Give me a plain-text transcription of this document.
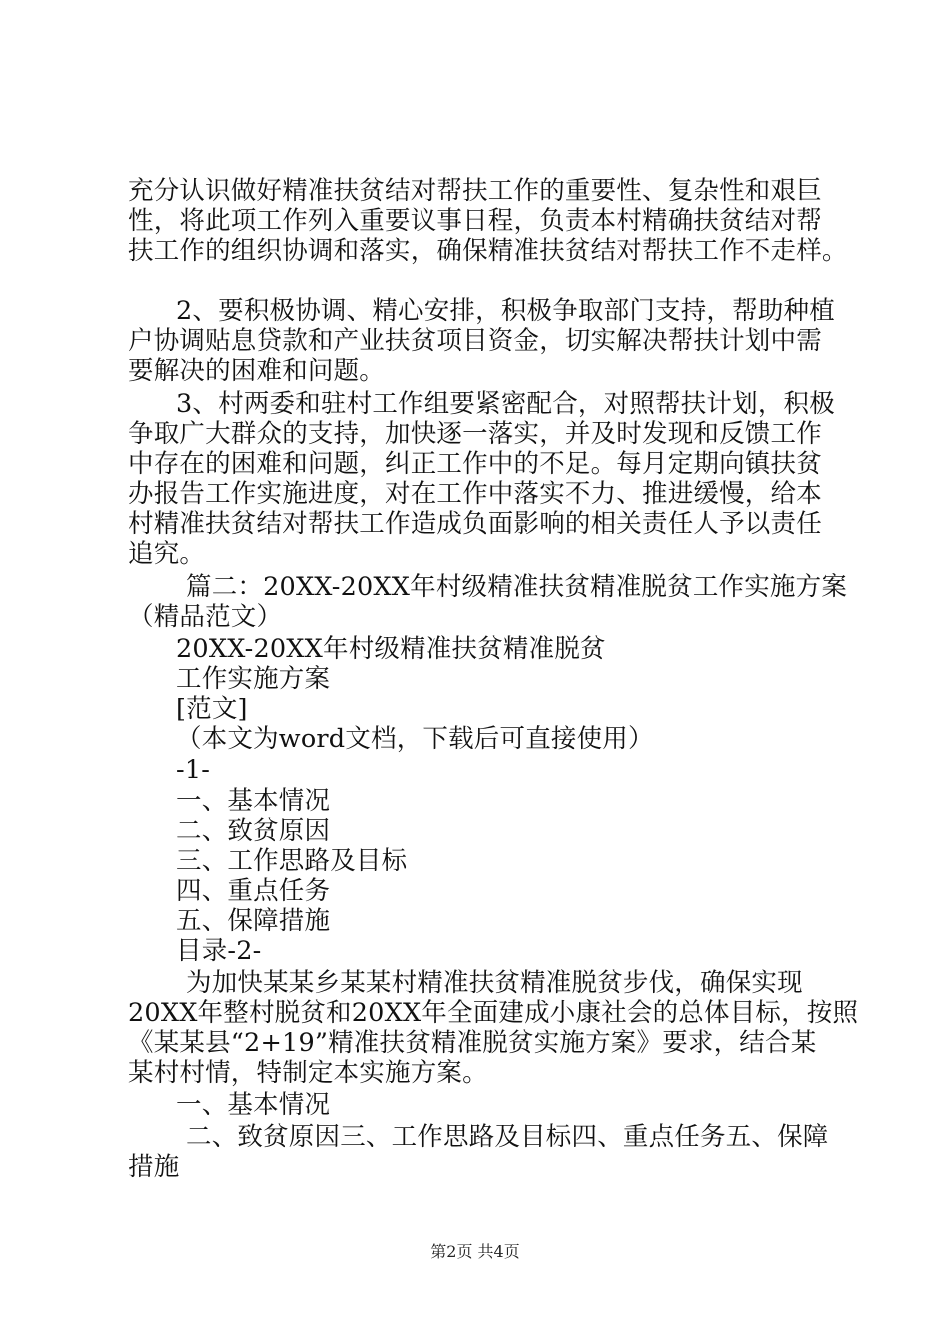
充分认识做好精准扶贫结对帮扶工作的重要性、复杂性和艰巨
性，将此项工作列入重要议事日程，负责本村精确扶贫结对帮
扶工作的组织协调和落实，确保精准扶贫结对帮扶工作不走样。
2、要积极协调、精心安排，积极争取部门支持，帮助种植
户协调贴息贷款和产业扶贫项目资金，切实解决帮扶计划中需
要解决的困难和问题。
3、村两委和驻村工作组要紧密配合，对照帮扶计划，积极
争取广大群众的支持，加快逐一落实，并及时发现和反馈工作
中存在的困难和问题，纠正工作中的不足。每月定期向镇扶贫
办报告工作实施进度，对在工作中落实不力、推进缓慢，给本
村精准扶贫结对帮扶工作造成负面影响的相关责任人予以责任
追究。
篇二：20XX-20XX年村级精准扶贫精准脱贫工作实施方案
（精品范文）
20XX-20XX年村级精准扶贫精准脱贫
工作实施方案
[范文]
（本文为word文档，下载后可直接使用）
-1-
一、基本情况
二、致贫原因
三、工作思路及目标
四、重点任务
五、保障措施
目录-2-
为加快某某乡某某村精准扶贫精准脱贫步伐，确保实现
20XX年整村脱贫和20XX年全面建成小康社会的总体目标，按照
《某某县“2+19”精准扶贫精准脱贫实施方案》要求，结合某
某村村情，特制定本实施方案。
一、基本情况
二、致贫原因三、工作思路及目标四、重点任务五、保障
措施
第2页 共4页
